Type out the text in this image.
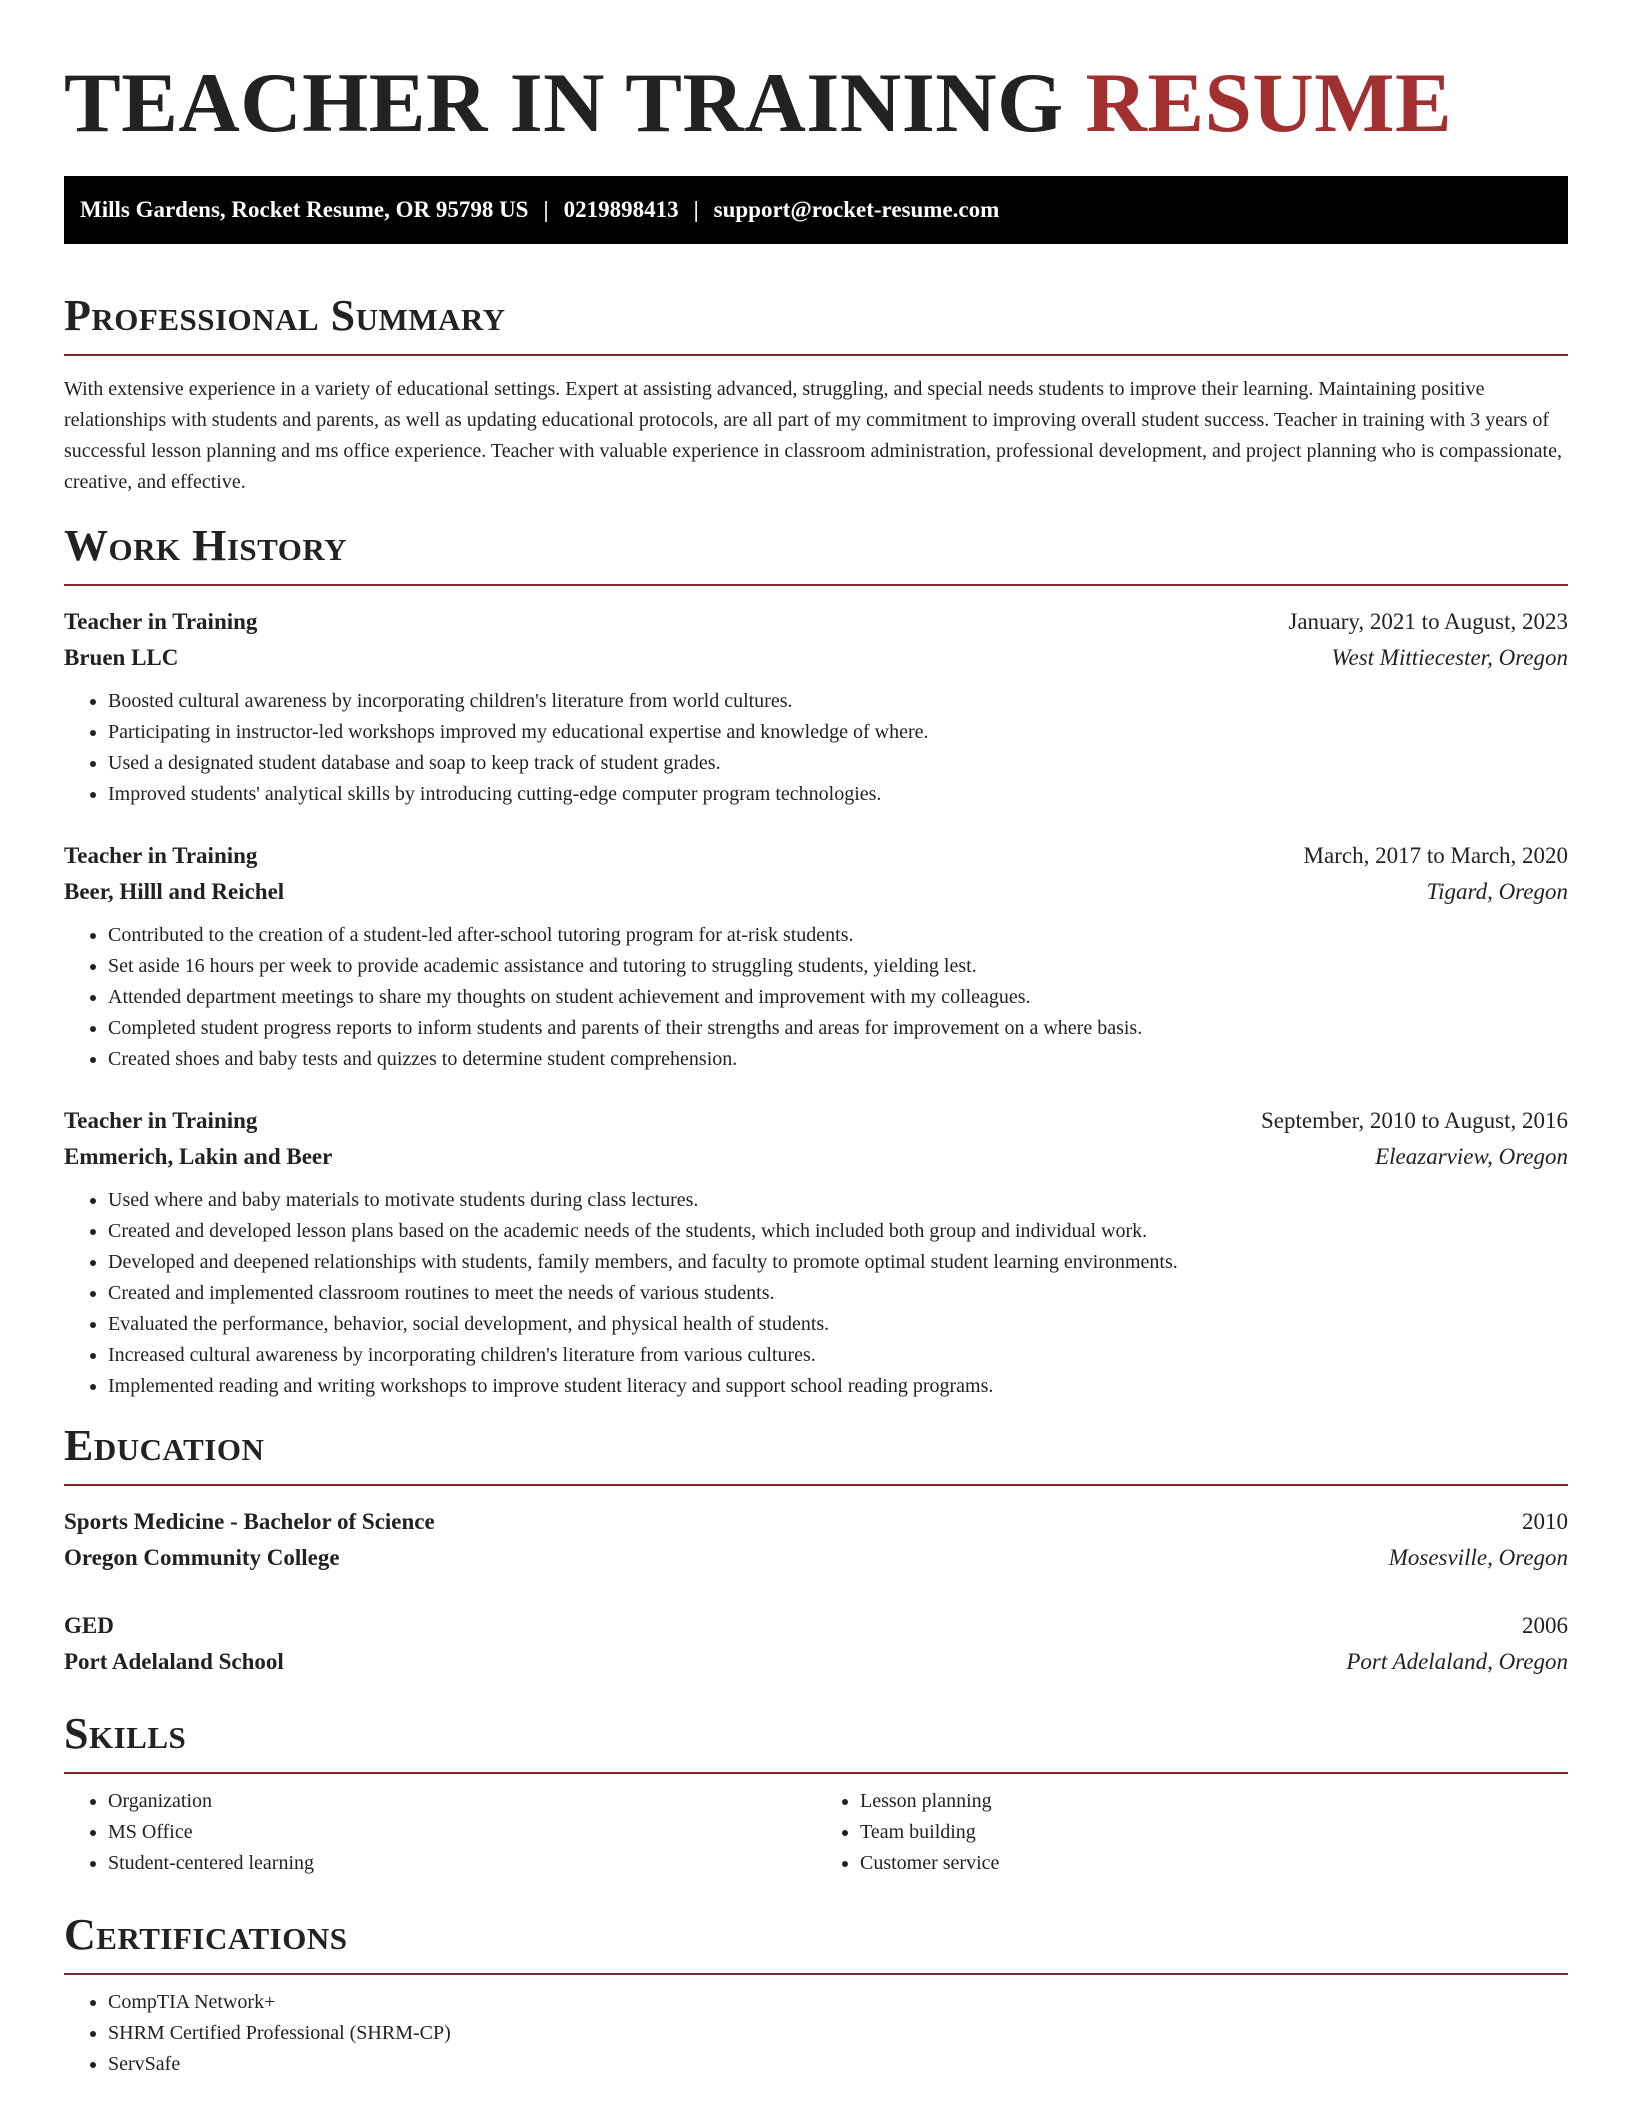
TEACHER IN TRAINING RESUME
Mills Gardens, Rocket Resume, OR 95798 US | 0219898413 | support@rocket-resume.com
Professional Summary

With extensive experience in a variety of educational settings. Expert at assisting advanced, struggling, and special needs students to improve their learning. Maintaining positive relationships with students and parents, as well as updating educational protocols, are all part of my commitment to improving overall student success. Teacher in training with 3 years of successful lesson planning and ms office experience. Teacher with valuable experience in classroom administration, professional development, and project planning who is compassionate, creative, and effective.

Work History
Teacher in Training	January, 2021 to August, 2023
Bruen LLC	West Mittiecester, Oregon
• Boosted cultural awareness by incorporating children's literature from world cultures.
• Participating in instructor-led workshops improved my educational expertise and knowledge of where.
• Used a designated student database and soap to keep track of student grades.
• Improved students' analytical skills by introducing cutting-edge computer program technologies.
Teacher in Training	March, 2017 to March, 2020
Beer, Hilll and Reichel	Tigard, Oregon
• Contributed to the creation of a student-led after-school tutoring program for at-risk students.
• Set aside 16 hours per week to provide academic assistance and tutoring to struggling students, yielding lest.
• Attended department meetings to share my thoughts on student achievement and improvement with my colleagues.
• Completed student progress reports to inform students and parents of their strengths and areas for improvement on a where basis.
• Created shoes and baby tests and quizzes to determine student comprehension.
Teacher in Training	September, 2010 to August, 2016
Emmerich, Lakin and Beer	Eleazarview, Oregon
• Used where and baby materials to motivate students during class lectures.
• Created and developed lesson plans based on the academic needs of the students, which included both group and individual work.
• Developed and deepened relationships with students, family members, and faculty to promote optimal student learning environments.
• Created and implemented classroom routines to meet the needs of various students.
• Evaluated the performance, behavior, social development, and physical health of students.
• Increased cultural awareness by incorporating children's literature from various cultures.
• Implemented reading and writing workshops to improve student literacy and support school reading programs.
Education
Sports Medicine - Bachelor of Science	2010
Oregon Community College	Mosesville, Oregon
GED	2006
Port Adelaland School	Port Adelaland, Oregon
Skills
• Organization
• MS Office
• Student-centered learning
• Lesson planning
• Team building
• Customer service
Certifications
• CompTIA Network+
• SHRM Certified Professional (SHRM-CP)
• ServSafe
